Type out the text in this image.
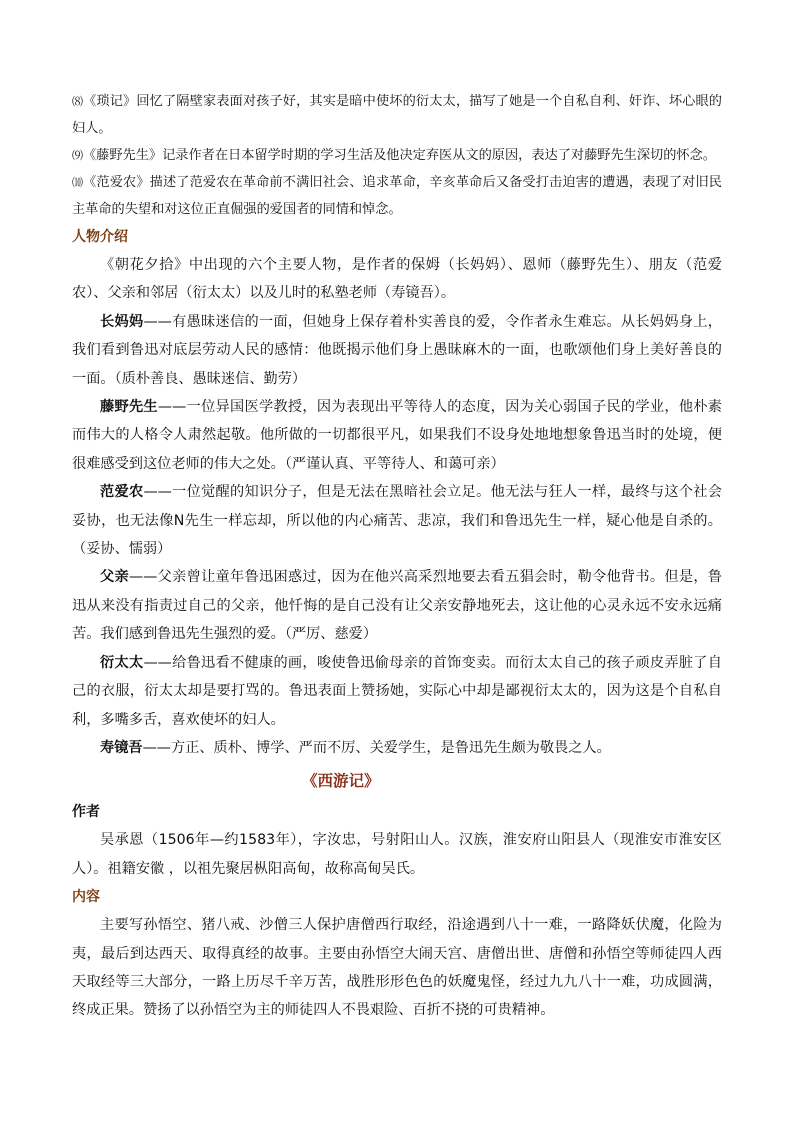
⑻《琐记》回忆了隔壁家表面对孩子好，其实是暗中使坏的衍太太，描写了她是一个自私自利、奸诈、坏心眼的妇人。

⑼《藤野先生》记录作者在日本留学时期的学习生活及他决定弃医从文的原因，表达了对藤野先生深切的怀念。

⑽《范爱农》描述了范爱农在革命前不满旧社会、追求革命，辛亥革命后又备受打击迫害的遭遇，表现了对旧民主革命的失望和对这位正直倔强的爱国者的同情和悼念。

人物介绍

《朝花夕拾》中出现的六个主要人物，是作者的保姆（长妈妈）、恩师（藤野先生）、朋友（范爱农）、父亲和邻居（衍太太）以及儿时的私塾老师（寿镜吾）。

长妈妈——有愚昧迷信的一面，但她身上保存着朴实善良的爱，令作者永生难忘。从长妈妈身上，我们看到鲁迅对底层劳动人民的感情：他既揭示他们身上愚昧麻木的一面，也歌颂他们身上美好善良的一面。（质朴善良、愚昧迷信、勤劳）

藤野先生——一位异国医学教授，因为表现出平等待人的态度，因为关心弱国子民的学业，他朴素而伟大的人格令人肃然起敬。他所做的一切都很平凡，如果我们不设身处地地想象鲁迅当时的处境，便很难感受到这位老师的伟大之处。（严谨认真、平等待人、和蔼可亲）

范爱农——一位觉醒的知识分子，但是无法在黑暗社会立足。他无法与狂人一样，最终与这个社会妥协，也无法像N先生一样忘却，所以他的内心痛苦、悲凉，我们和鲁迅先生一样，疑心他是自杀的。（妥协、懦弱）

父亲——父亲曾让童年鲁迅困惑过，因为在他兴高采烈地要去看五猖会时，勒令他背书。但是，鲁迅从来没有指责过自己的父亲，他忏悔的是自己没有让父亲安静地死去，这让他的心灵永远不安永远痛苦。我们感到鲁迅先生强烈的爱。（严厉、慈爱）

衍太太——给鲁迅看不健康的画，唆使鲁迅偷母亲的首饰变卖。而衍太太自己的孩子顽皮弄脏了自己的衣服，衍太太却是要打骂的。鲁迅表面上赞扬她，实际心中却是鄙视衍太太的，因为这是个自私自利，多嘴多舌，喜欢使坏的妇人。

寿镜吾——方正、质朴、博学、严而不厉、关爱学生，是鲁迅先生颇为敬畏之人。

《西游记》

作者

吴承恩（1506年—约1583年），字汝忠，号射阳山人。汉族，淮安府山阳县人（现淮安市淮安区人）。祖籍安徽 ，以祖先聚居枞阳高甸，故称高甸吴氏。

内容

主要写孙悟空、猪八戒、沙僧三人保护唐僧西行取经，沿途遇到八十一难，一路降妖伏魔，化险为夷，最后到达西天、取得真经的故事。主要由孙悟空大闹天宫、唐僧出世、唐僧和孙悟空等师徒四人西天取经等三大部分，一路上历尽千辛万苦，战胜形形色色的妖魔鬼怪，经过九九八十一难，功成圆满，终成正果。赞扬了以孙悟空为主的师徒四人不畏艰险、百折不挠的可贵精神。
